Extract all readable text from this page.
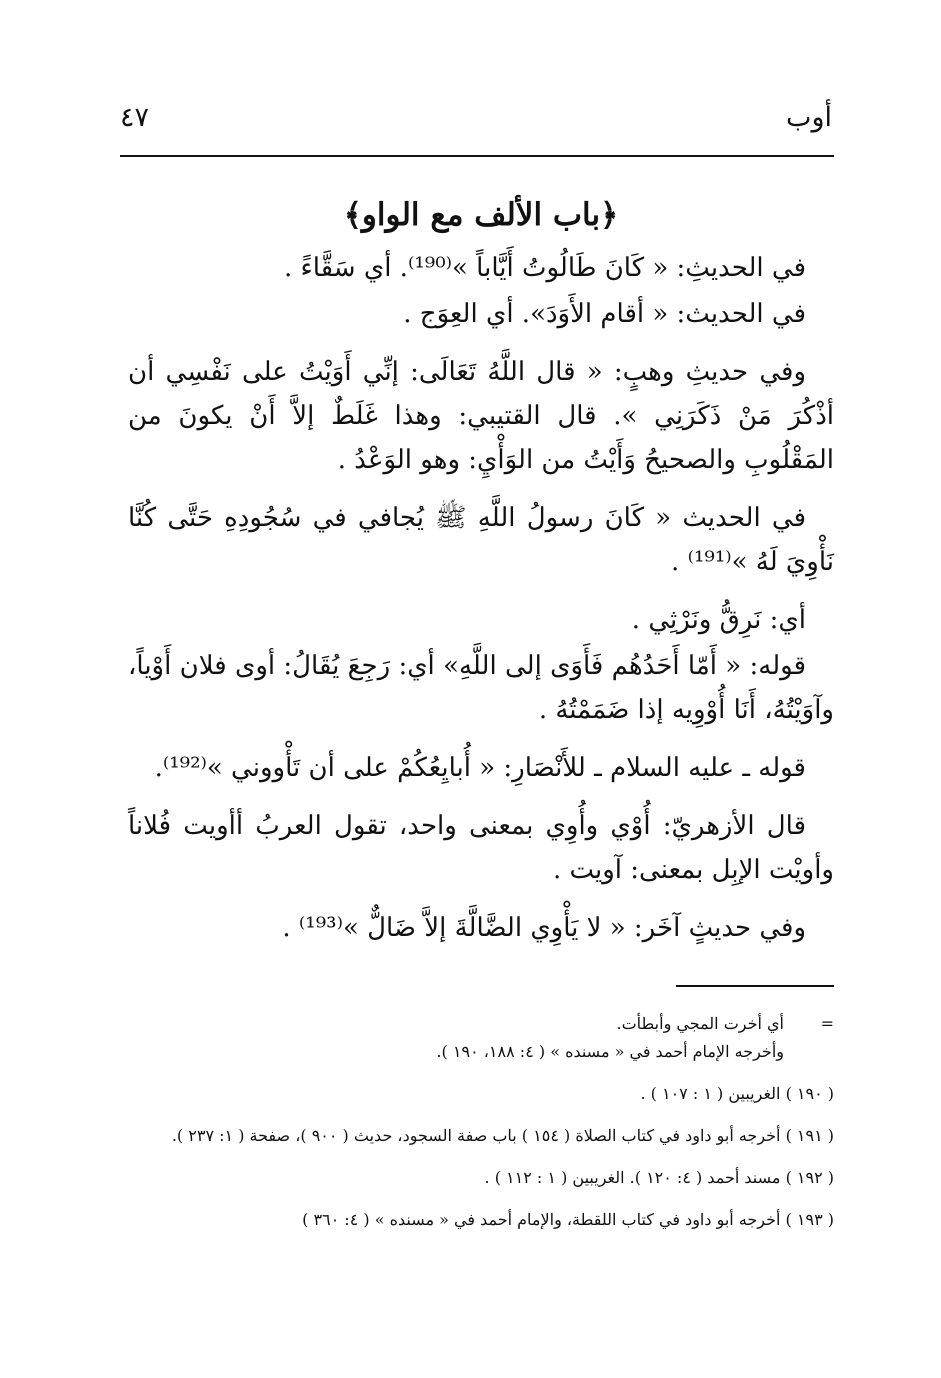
أوب
٤٧
﴿باب الألف مع الواو﴾

في الحديثِ: « كَانَ طَالُوتُ أَيَّاباً »⁽¹⁹⁰⁾. أي سَقَّاءً .

في الحديث: « أقام الأَوَدَ». أي العِوَج .

وفي حديثِ وهبٍ: « قال اللَّهُ تَعَالَى: إنِّي أَوَيْتُ على نَفْسِي أن أذْكُرَ مَنْ ذَكَرَنِي ». قال القتيبي: وهذا غَلَطٌ إلاَّ أَنْ يكونَ من المَقْلُوبِ والصحيحُ وَأَيْتُ من الوَأْيِ: وهو الوَعْدُ .

في الحديث « كَانَ رسولُ اللَّهِ ﷺ يُجافي في سُجُودِهِ حَتَّى كُنَّا نَأْوِيَ لَهُ »⁽¹⁹¹⁾ .

أي: نَرِقُّ ونَرْثِي .

قوله: « أَمّا أَحَدُهُم فَأَوَى إلى اللَّهِ» أي: رَجِعَ يُقَالُ: أوى فلان أَوْياً، وآوَيْتُهُ، أَنَا أُوْوِيه إذا ضَمَمْتُهُ .

قوله ـ عليه السلام ـ للأَنْصَارِ: « أُبايِعُكُمْ على أن تَأْووني »⁽¹⁹²⁾.

قال الأزهريّ: أُوْي وأُوِي بمعنى واحد، تقول العربُ أأويت فُلاناً وأويْت الإبِل بمعنى: آويت .

وفي حديثٍ آخَر: « لا يَأْوِي الضَّالَّةَ إلاَّ ضَالٌّ »⁽¹⁹³⁾ .

=أي أخرت المجي وأبطأت.
وأخرجه الإمام أحمد في « مسنده » ( ٤: ١٨٨، ١٩٠ ).

( ١٩٠ ) الغريبين ( ١ : ١٠٧ ) .

( ١٩١ ) أخرجه أبو داود في كتاب الصلاة ( ١٥٤ ) باب صفة السجود، حديث ( ٩٠٠ )، صفحة ( ١: ٢٣٧ ).

( ١٩٢ ) مسند أحمد ( ٤: ١٢٠ ). الغريبين ( ١ : ١١٢ ) .

( ١٩٣ ) أخرجه أبو داود في كتاب اللقطة، والإمام أحمد في « مسنده » ( ٤: ٣٦٠ )
